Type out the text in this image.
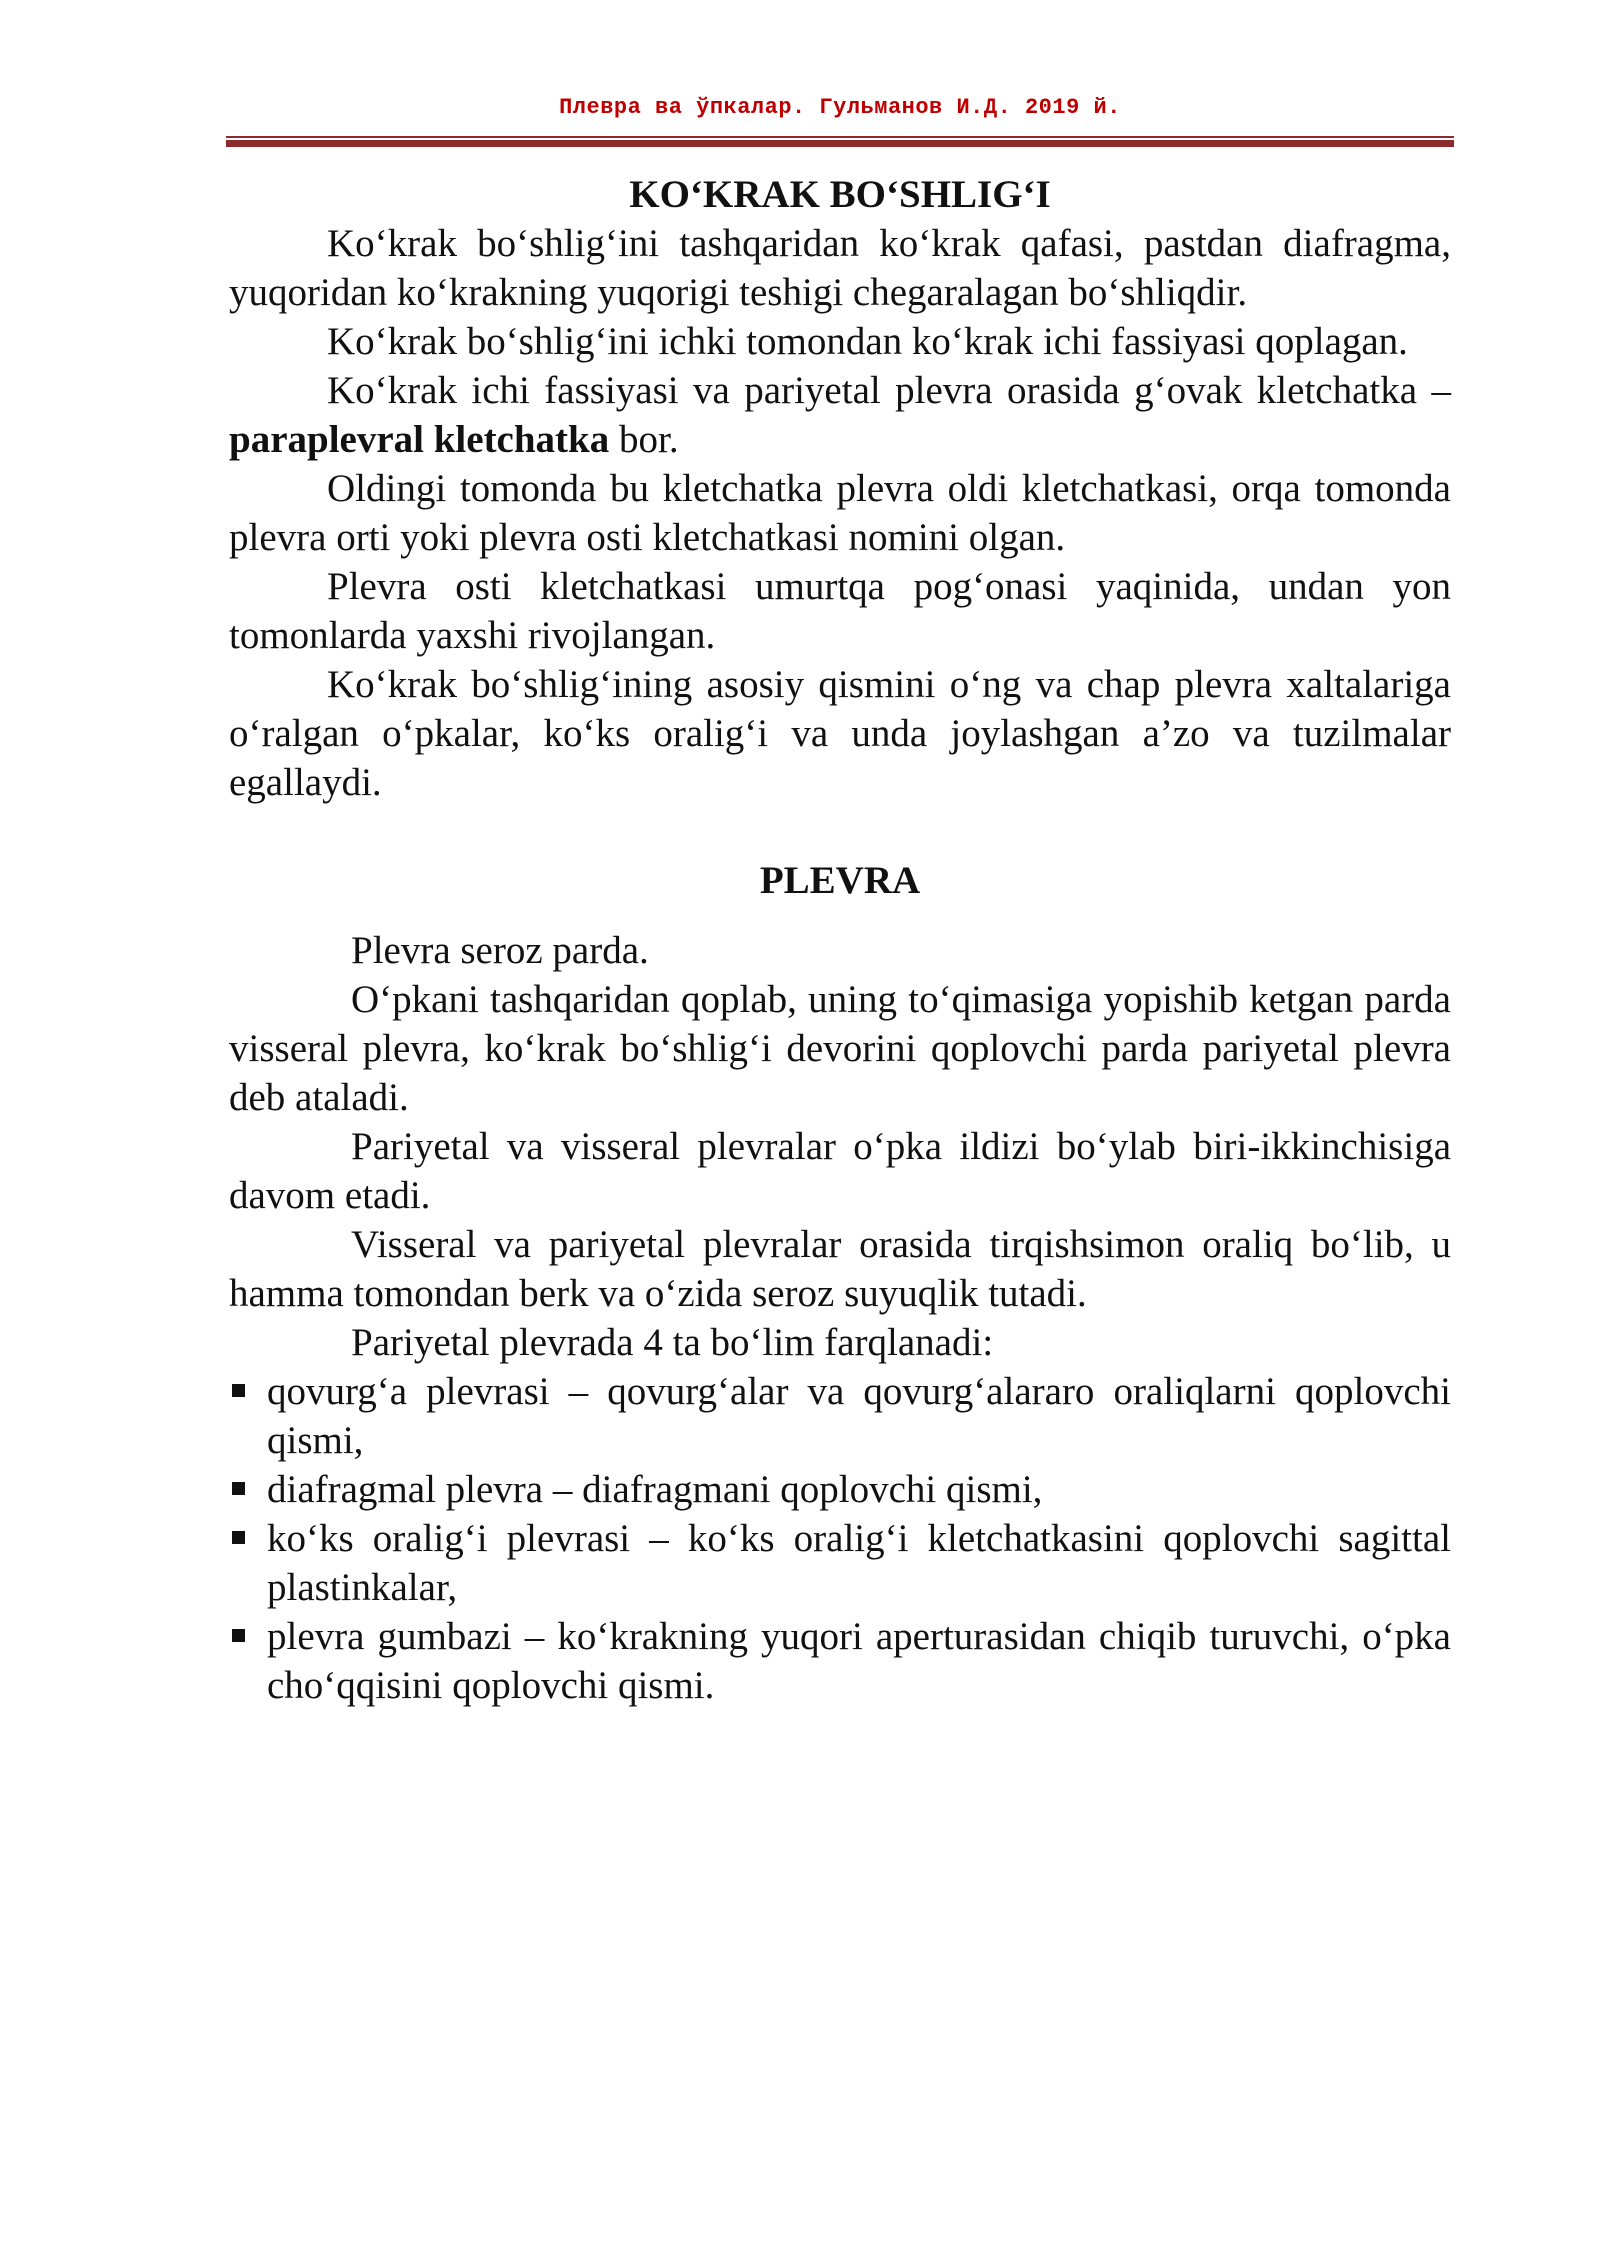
Плевра ва ўпкалар. Гульманов И.Д. 2019 й.
KO‘KRAK BO‘SHLIG‘I

Ko‘krak bo‘shlig‘ini tashqaridan ko‘krak qafasi, pastdan diafragma, yuqoridan ko‘krakning yuqorigi teshigi chegaralagan bo‘shliqdir.

Ko‘krak bo‘shlig‘ini ichki tomondan ko‘krak ichi fassiyasi qoplagan.

Ko‘krak ichi fassiyasi va pariyetal plevra orasida g‘ovak kletchatka – paraplevral kletchatka bor.

Oldingi tomonda bu kletchatka plevra oldi kletchatkasi, orqa tomonda plevra orti yoki plevra osti kletchatkasi nomini olgan.

Plevra osti kletchatkasi umurtqa pog‘onasi yaqinida, undan yon tomonlarda yaxshi rivojlangan.

Ko‘krak bo‘shlig‘ining asosiy qismini o‘ng va chap plevra xaltalariga o‘ralgan o‘pkalar, ko‘ks oralig‘i va unda joylashgan a’zo va tuzilmalar egallaydi.

PLEVRA

Plevra seroz parda.

O‘pkani tashqaridan qoplab, uning to‘qimasiga yopishib ketgan parda visseral plevra, ko‘krak bo‘shlig‘i devorini qoplovchi parda pariyetal plevra deb ataladi.

Pariyetal va visseral plevralar o‘pka ildizi bo‘ylab biri-ikkinchisiga davom etadi.

Visseral va pariyetal plevralar orasida tirqishsimon oraliq bo‘lib, u hamma tomondan berk va o‘zida seroz suyuqlik tutadi.

Pariyetal plevrada 4 ta bo‘lim farqlanadi:

qovurg‘a plevrasi – qovurg‘alar va qovurg‘alararo oraliqlarni qoplovchi qismi,
diafragmal plevra – diafragmani qoplovchi qismi,
ko‘ks oralig‘i plevrasi – ko‘ks oralig‘i kletchatkasini qoplovchi sagittal plastinkalar,
plevra gumbazi – ko‘krakning yuqori aperturasidan chiqib turuvchi, o‘pka cho‘qqisini qoplovchi qismi.
